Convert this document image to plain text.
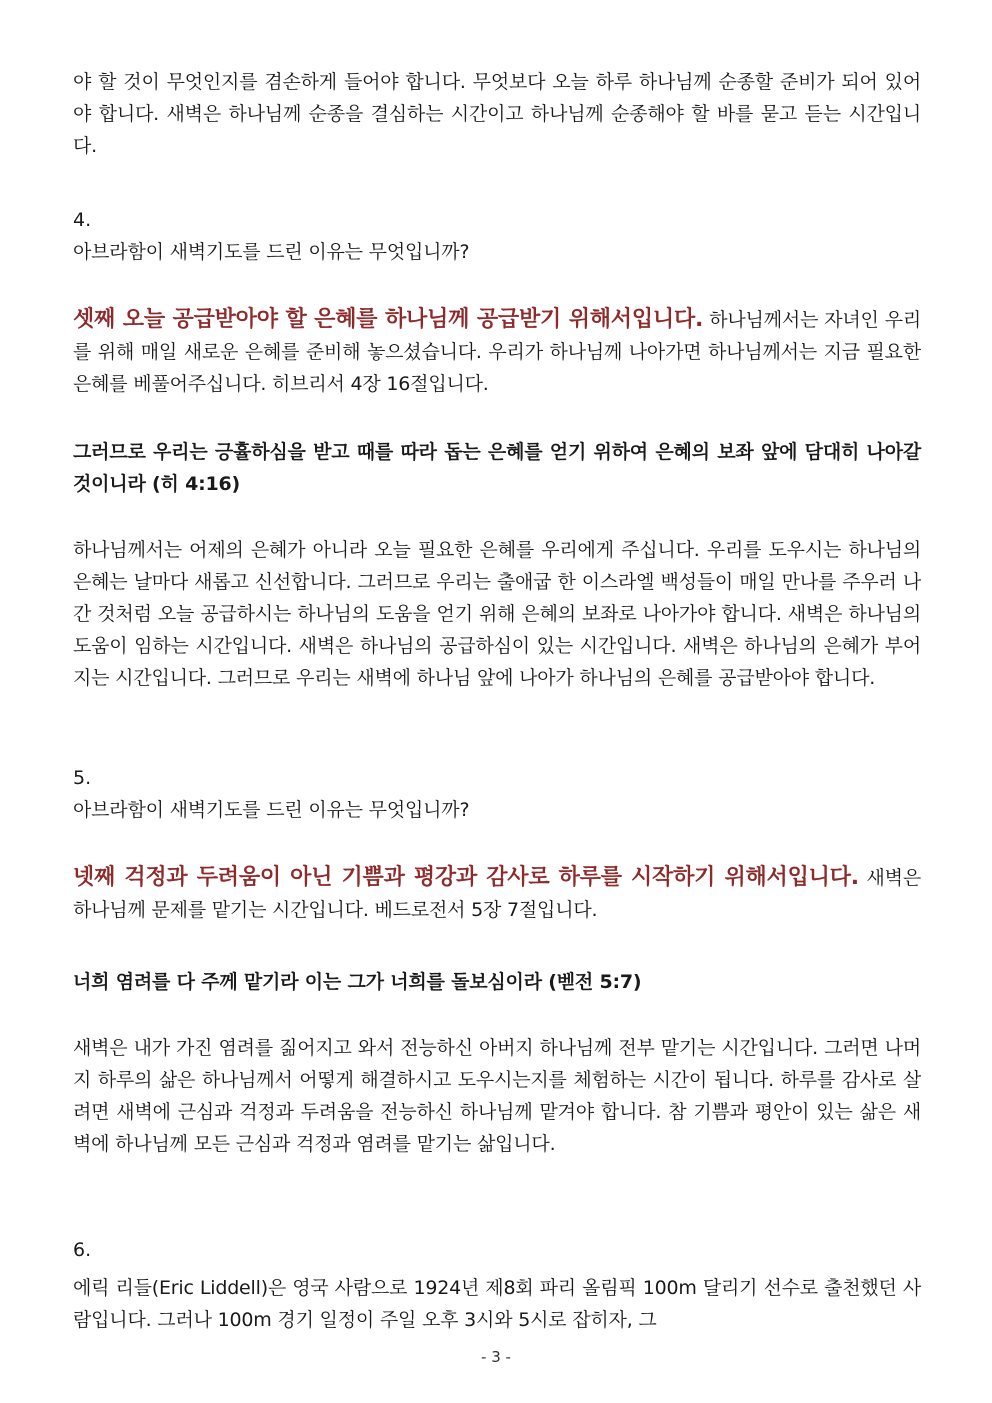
야 할 것이 무엇인지를 겸손하게 들어야 합니다. 무엇보다 오늘 하루 하나님께 순종할 준비가 되어 있어야 합니다. 새벽은 하나님께 순종을 결심하는 시간이고 하나님께 순종해야 할 바를 묻고 듣는 시간입니다.

4.

아브라함이 새벽기도를 드린 이유는 무엇입니까?

셋째 오늘 공급받아야 할 은혜를 하나님께 공급받기 위해서입니다. 하나님께서는 자녀인 우리를 위해 매일 새로운 은혜를 준비해 놓으셨습니다. 우리가 하나님께 나아가면 하나님께서는 지금 필요한 은혜를 베풀어주십니다. 히브리서 4장 16절입니다.

그러므로 우리는 긍휼하심을 받고 때를 따라 돕는 은혜를 얻기 위하여 은혜의 보좌 앞에 담대히 나아갈 것이니라 (히 4:16)

하나님께서는 어제의 은혜가 아니라 오늘 필요한 은혜를 우리에게 주십니다. 우리를 도우시는 하나님의 은혜는 날마다 새롭고 신선합니다. 그러므로 우리는 출애굽 한 이스라엘 백성들이 매일 만나를 주우러 나간 것처럼 오늘 공급하시는 하나님의 도움을 얻기 위해 은혜의 보좌로 나아가야 합니다. 새벽은 하나님의 도움이 임하는 시간입니다. 새벽은 하나님의 공급하심이 있는 시간입니다. 새벽은 하나님의 은혜가 부어지는 시간입니다. 그러므로 우리는 새벽에 하나님 앞에 나아가 하나님의 은혜를 공급받아야 합니다.

5.

아브라함이 새벽기도를 드린 이유는 무엇입니까?

넷째 걱정과 두려움이 아닌 기쁨과 평강과 감사로 하루를 시작하기 위해서입니다. 새벽은 하나님께 문제를 맡기는 시간입니다. 베드로전서 5장 7절입니다.

너희 염려를 다 주께 맡기라 이는 그가 너희를 돌보심이라 (벧전 5:7)

새벽은 내가 가진 염려를 짊어지고 와서 전능하신 아버지 하나님께 전부 맡기는 시간입니다. 그러면 나머지 하루의 삶은 하나님께서 어떻게 해결하시고 도우시는지를 체험하는 시간이 됩니다. 하루를 감사로 살려면 새벽에 근심과 걱정과 두려움을 전능하신 하나님께 맡겨야 합니다. 참 기쁨과 평안이 있는 삶은 새벽에 하나님께 모든 근심과 걱정과 염려를 맡기는 삶입니다.

6.

에릭 리들(Eric Liddell)은 영국 사람으로 1924년 제8회 파리 올림픽 100m 달리기 선수로 출천했던 사람입니다. 그러나 100m 경기 일정이 주일 오후 3시와 5시로 잡히자, 그

- 3 -
